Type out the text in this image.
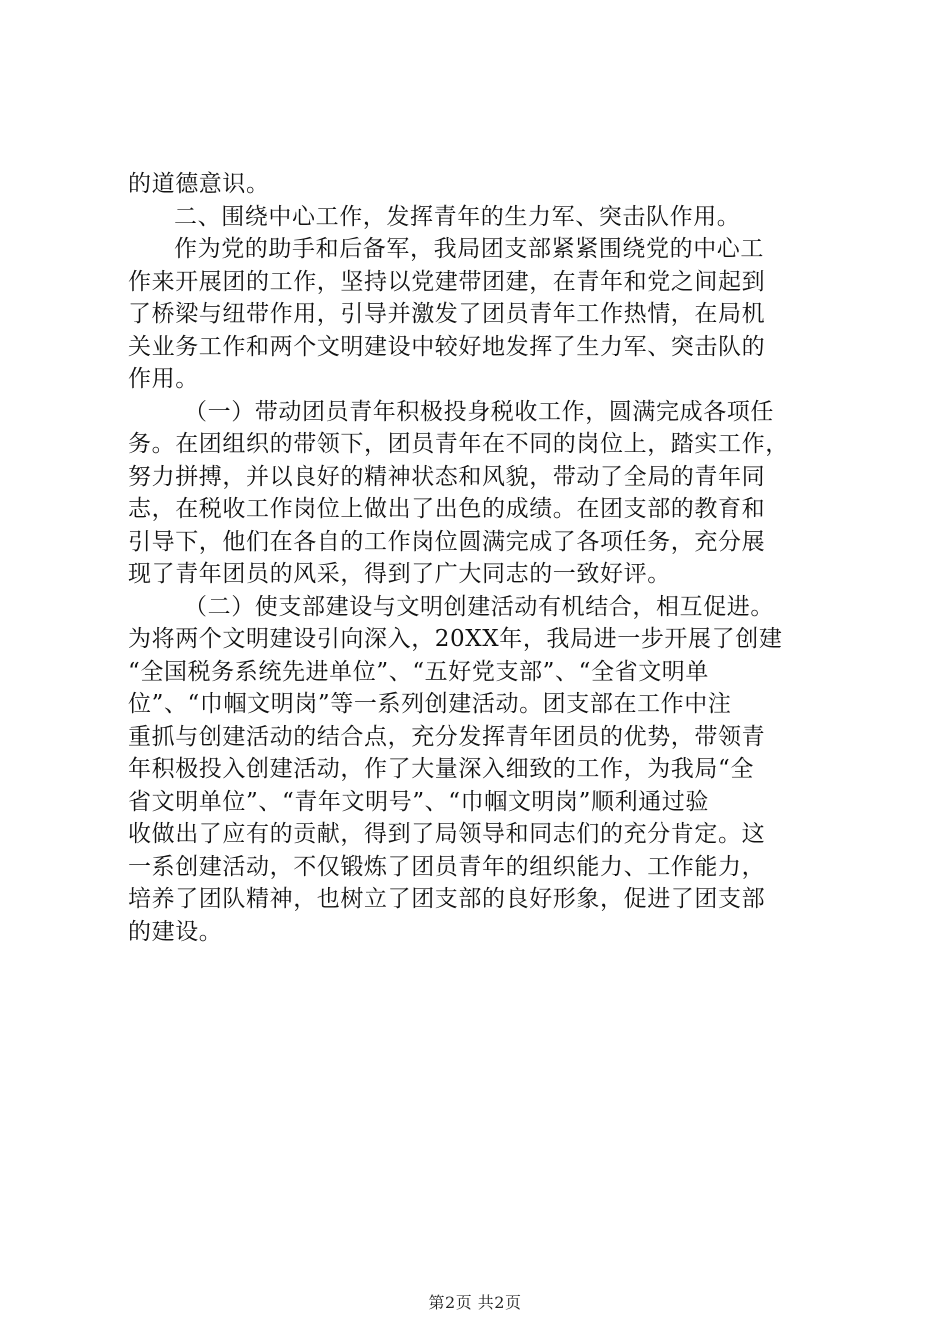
的道德意识。
二、围绕中心工作，发挥青年的生力军、突击队作用。
作为党的助手和后备军，我局团支部紧紧围绕党的中心工
作来开展团的工作，坚持以党建带团建，在青年和党之间起到
了桥梁与纽带作用，引导并激发了团员青年工作热情，在局机
关业务工作和两个文明建设中较好地发挥了生力军、突击队的
作用。
（一）带动团员青年积极投身税收工作，圆满完成各项任
务。在团组织的带领下，团员青年在不同的岗位上，踏实工作，
努力拼搏，并以良好的精神状态和风貌，带动了全局的青年同
志，在税收工作岗位上做出了出色的成绩。在团支部的教育和
引导下，他们在各自的工作岗位圆满完成了各项任务，充分展
现了青年团员的风采，得到了广大同志的一致好评。
（二）使支部建设与文明创建活动有机结合，相互促进。
为将两个文明建设引向深入，20XX年，我局进一步开展了创建
“全国税务系统先进单位”、“五好党支部”、“全省文明单
位”、“巾帼文明岗”等一系列创建活动。团支部在工作中注
重抓与创建活动的结合点，充分发挥青年团员的优势，带领青
年积极投入创建活动，作了大量深入细致的工作，为我局“全
省文明单位”、“青年文明号”、“巾帼文明岗”顺利通过验
收做出了应有的贡献，得到了局领导和同志们的充分肯定。这
一系创建活动，不仅锻炼了团员青年的组织能力、工作能力，
培养了团队精神，也树立了团支部的良好形象，促进了团支部
的建设。
第2页 共2页
